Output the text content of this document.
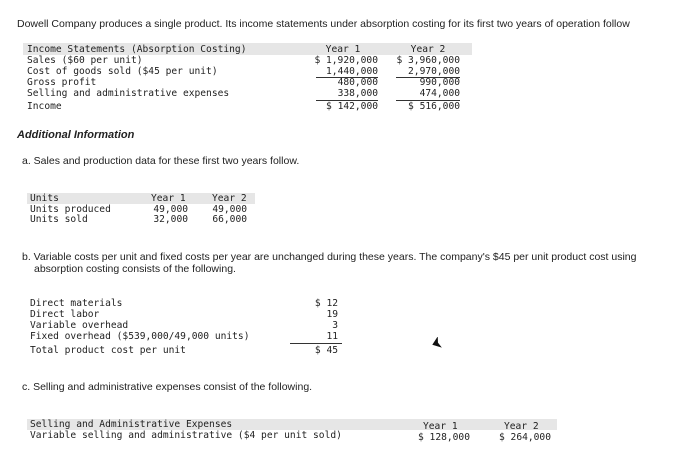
Dowell Company produces a single product. Its income statements under absorption costing for its first two years of operation follow
Income Statements (Absorption Costing)	Year 1	Year 2
Sales ($60 per unit)	$ 1,920,000	$ 3,960,000
Cost of goods sold ($45 per unit)	1,440,000	2,970,000
Gross profit	480,000	990,000
Selling and administrative expenses	338,000	474,000
Income	$ 142,000	$ 516,000
Additional Information
a. Sales and production data for these first two years follow.
Units	Year 1	Year 2
Units produced	49,000	49,000
Units sold	32,000	66,000
b. Variable costs per unit and fixed costs per year are unchanged during these years. The company's $45 per unit product cost using
absorption costing consists of the following.
Direct materials	$ 12
Direct labor	19
Variable overhead	3
Fixed overhead ($539,000/49,000 units)	11
Total product cost per unit	$ 45
c. Selling and administrative expenses consist of the following.
Selling and Administrative Expenses	Year 1	Year 2
Variable selling and administrative ($4 per unit sold)	$ 128,000	$ 264,000
